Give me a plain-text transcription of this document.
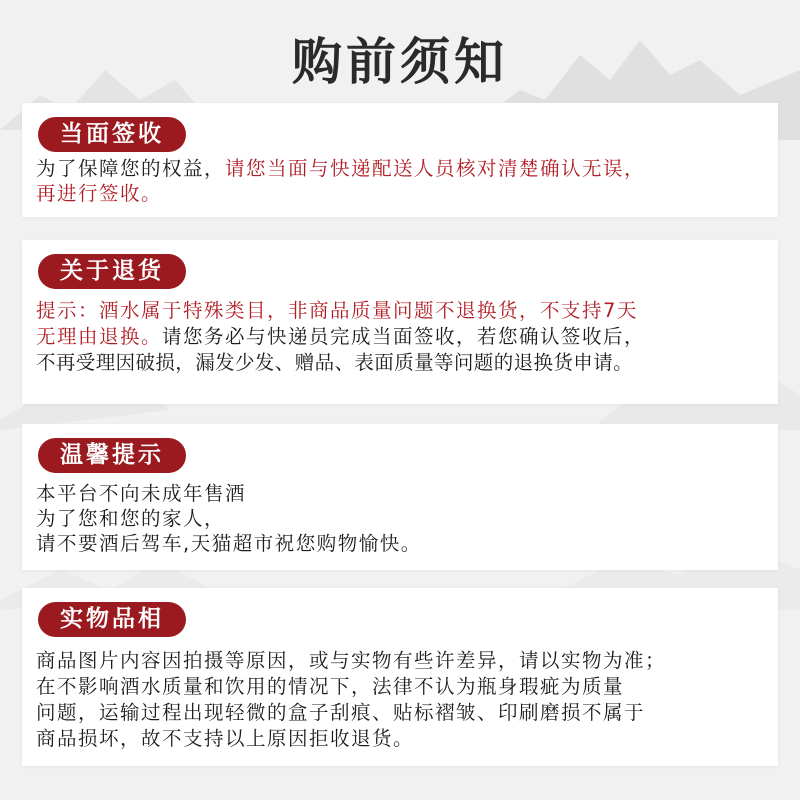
购前须知
当面签收
为了保障您的权益，请您当面与快递配送人员核对清楚确认无误，
再进行签收。
关于退货
提示：酒水属于特殊类目，非商品质量问题不退换货，不支持7天
无理由退换。请您务必与快递员完成当面签收，若您确认签收后，
不再受理因破损，漏发少发、赠品、表面质量等问题的退换货申请。
温馨提示
本平台不向未成年售酒
为了您和您的家人，
请不要酒后驾车,天猫超市祝您购物愉快。
实物品相
商品图片内容因拍摄等原因，或与实物有些许差异，请以实物为准；
在不影响酒水质量和饮用的情况下，法律不认为瓶身瑕疵为质量
问题，运输过程出现轻微的盒子刮痕、贴标褶皱、印刷磨损不属于
商品损坏，故不支持以上原因拒收退货。
